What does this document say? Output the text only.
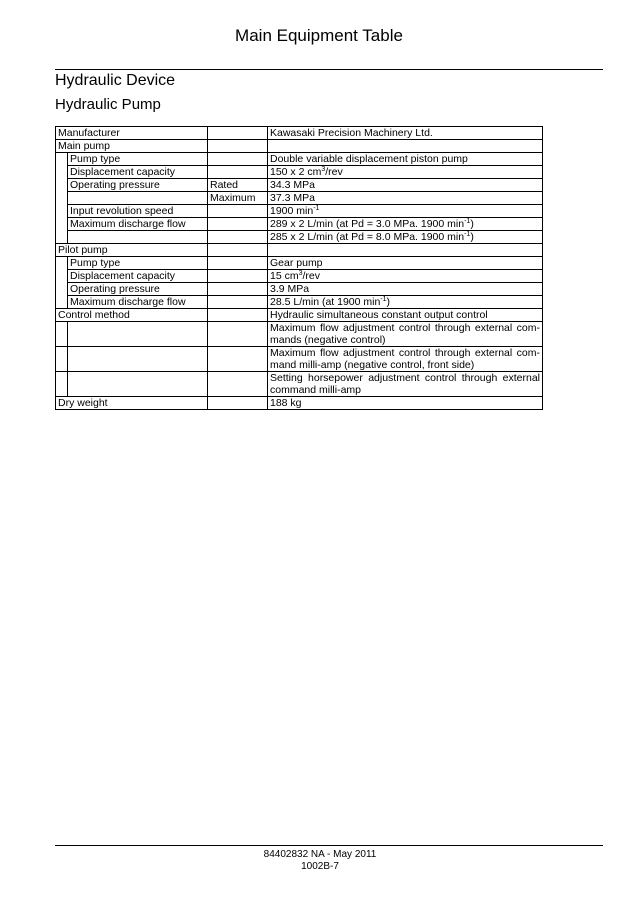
Main Equipment Table
Hydraulic Device
Hydraulic Pump
Manufacturer			Kawasaki Precision Machinery Ltd.
Main pump			
	Pump type		Double variable displacement piston pump
	Displacement capacity		150 x 2 $cm^3$/rev
	Operating pressure	Rated	34.3 MPa
		Maximum	37.3 MPa
	Input revolution speed		1900 $\min^{-1}$
	Maximum discharge flow		289 x 2 L/min (at Pd = 3.0 MPa. 1900 $\min^{-1}$)
			285 x 2 L/min (at Pd = 8.0 MPa. 1900 $\min^{-1}$)
Pilot pump			
	Pump type		Gear pump
	Displacement capacity		15 $cm^3$/rev
	Operating pressure		3.9 MPa
	Maximum discharge flow		28.5 L/min (at 1900 $\min^{-1}$)
Control method			Hydraulic simultaneous constant output control
			Maximum flow adjustment control through external com-mands (negative control)
			Maximum flow adjustment control through external com-mand milli-amp (negative control, front side)
			Setting horsepower adjustment control through external command milli-amp
Dry weight			188 kg
84402832 NA - May 2011
1002B-7
